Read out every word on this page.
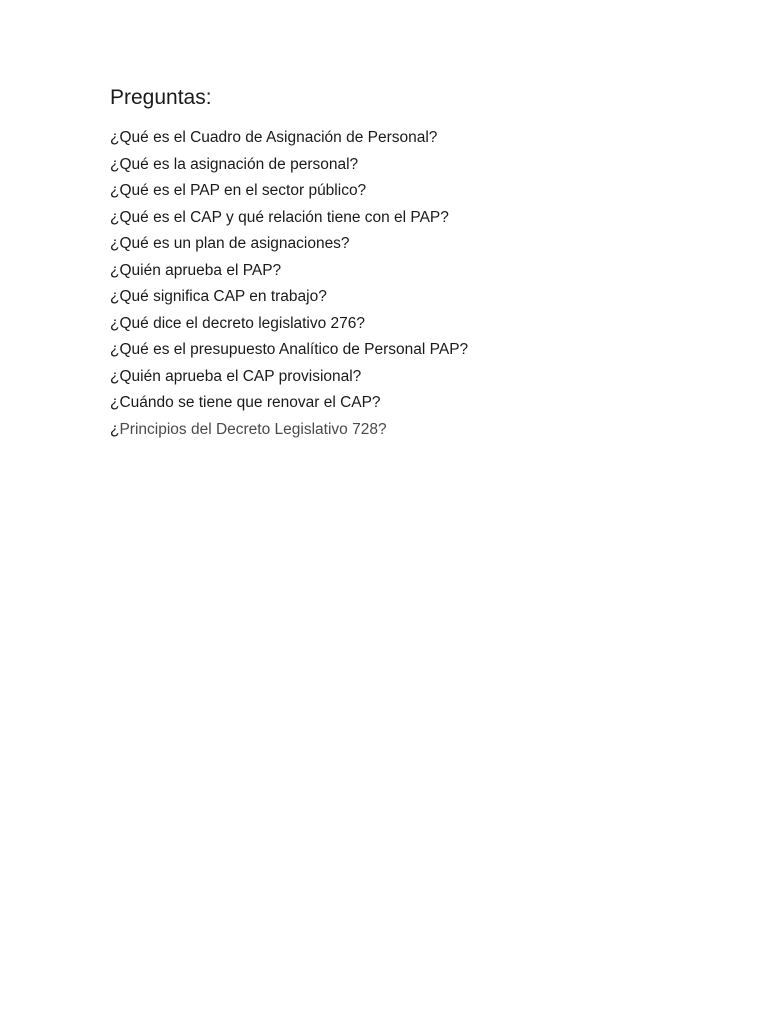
Preguntas:
¿Qué es el Cuadro de Asignación de Personal?
¿Qué es la asignación de personal?
¿Qué es el PAP en el sector público?
¿Qué es el CAP y qué relación tiene con el PAP?
¿Qué es un plan de asignaciones?
¿Quién aprueba el PAP?
¿Qué significa CAP en trabajo?
¿Qué dice el decreto legislativo 276?
¿Qué es el presupuesto Analítico de Personal PAP?
¿Quién aprueba el CAP provisional?
¿Cuándo se tiene que renovar el CAP?
¿Principios del Decreto Legislativo 728?
